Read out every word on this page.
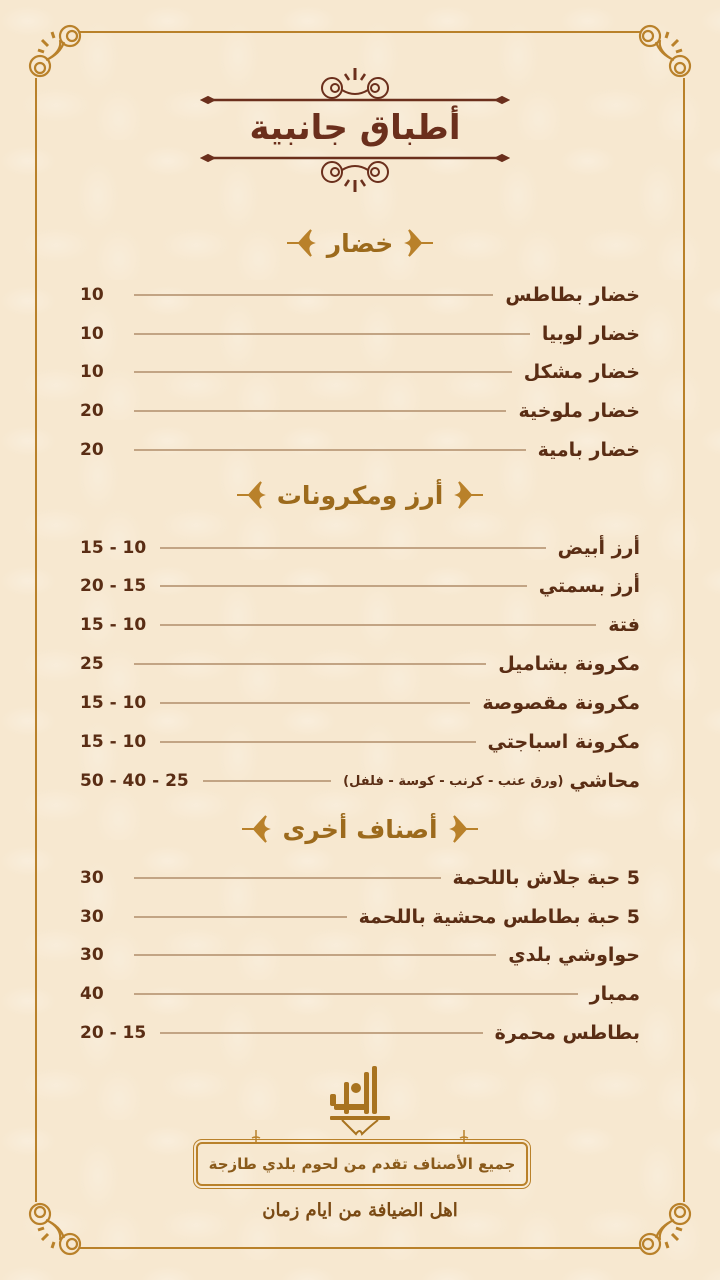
أطباق جانبية
خضار
خضار بطاطس
10
خضار لوبيا
10
خضار مشكل
10
خضار ملوخية
20
خضار بامية
20
أرز ومكرونات
أرز أبيض
15 - 10
أرز بسمتي
20 - 15
فتة
15 - 10
مكرونة بشاميل
25
مكرونة مقصوصة
15 - 10
مكرونة اسباجتي
15 - 10
محاشي
(ورق عنب - كرنب - كوسة - فلفل)
50 - 40 - 25
أصناف أخرى
5 حبة جلاش باللحمة
30
5 حبة بطاطس محشية باللحمة
30
حواوشي بلدي
30
ممبار
40
بطاطس محمرة
20 - 15
جميع الأصناف تقدم من لحوم بلدي طازجة
اهل الضيافة من ايام زمان
